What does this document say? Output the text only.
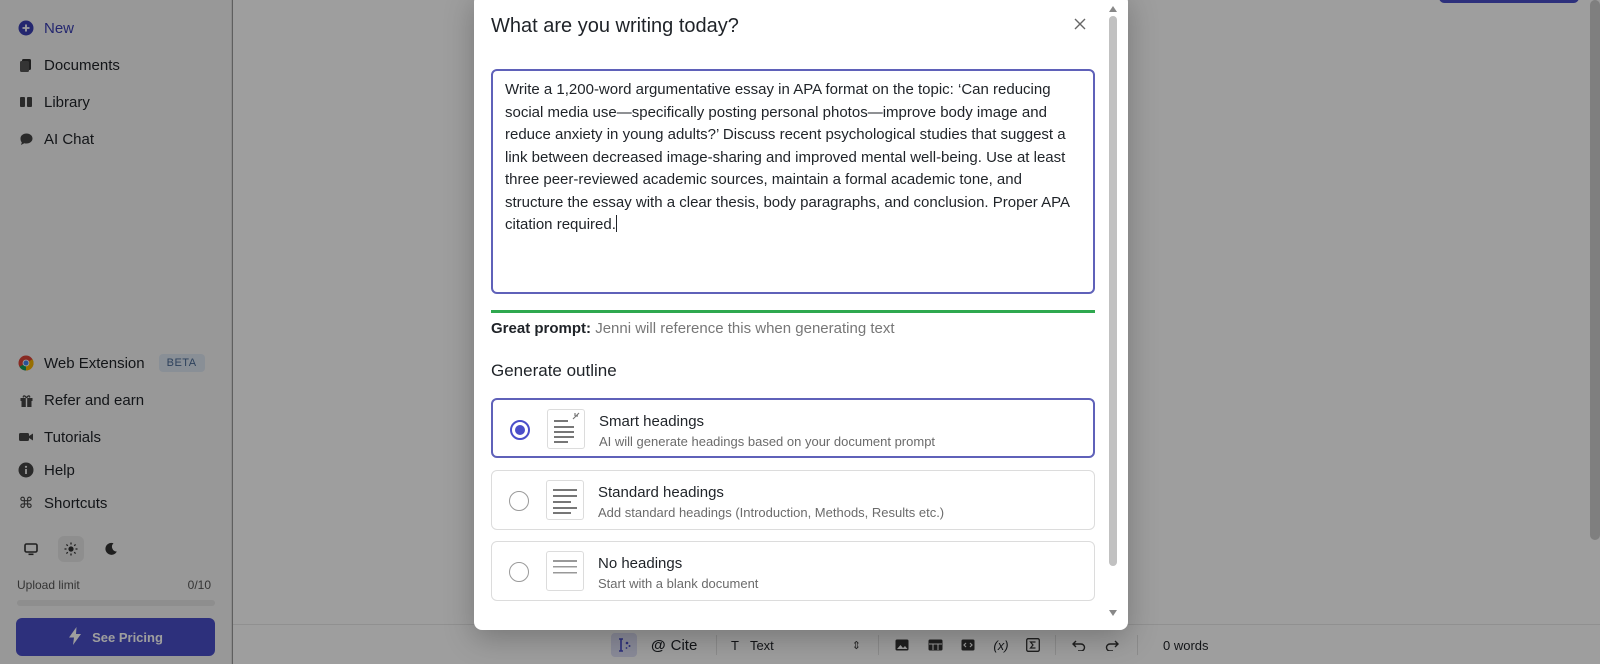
New
Documents
Library
AI Chat
Web Extension	BETA
Refer and earn
Tutorials
Help
⌘ Shortcuts
Upload limit	0/10
See Pricing	@ Cite	T Text	⇕	(x)	0 words
What are you writing today?
Write a 1,200-word argumentative essay in APA format on the topic: ‘Can reducing social media use—specifically posting personal photos—improve body image and reduce anxiety in young adults?’ Discuss recent psychological studies that suggest a link between decreased image-sharing and improved mental well-being. Use at least three peer-reviewed academic sources, maintain a formal academic tone, and structure the essay with a clear thesis, body paragraphs, and conclusion. Proper APA citation required.
Great prompt: Jenni will reference this when generating text
Generate outline
Smart headings
AI will generate headings based on your document prompt
Standard headings
Add standard headings (Introduction, Methods, Results etc.)
No headings
Start with a blank document
